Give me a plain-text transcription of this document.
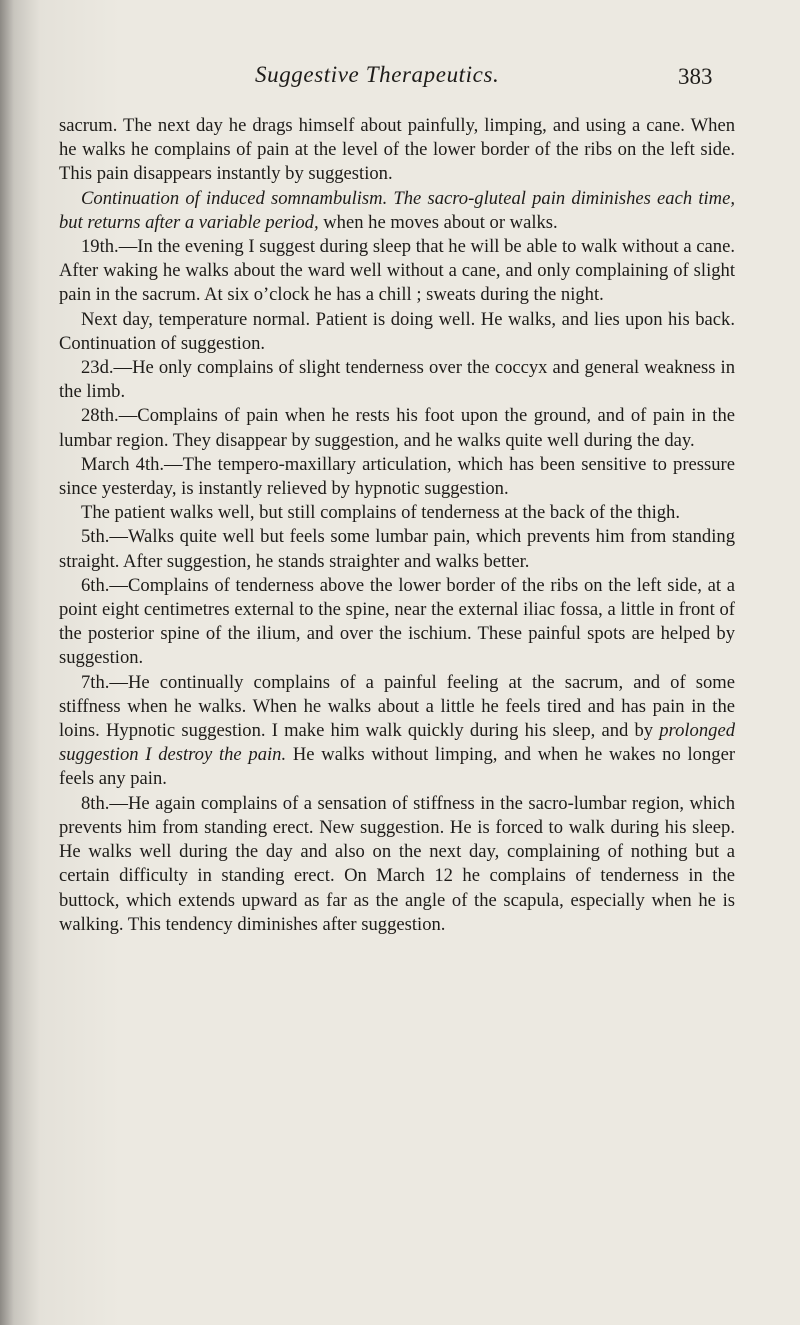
Suggestive Therapeutics.	383

sacrum. The next day he drags himself about painfully, limping, and using a cane. When he walks he complains of pain at the level of the lower border of the ribs on the left side. This pain disappears instantly by suggestion.

Continuation of induced somnambulism. The sacro-gluteal pain diminishes each time, but returns after a variable period, when he moves about or walks.

19th.—In the evening I suggest during sleep that he will be able to walk without a cane. After waking he walks about the ward well without a cane, and only complaining of slight pain in the sacrum. At six o’clock he has a chill ; sweats during the night.

Next day, temperature normal. Patient is doing well. He walks, and lies upon his back. Continuation of suggestion.

23d.—He only complains of slight tenderness over the coccyx and general weakness in the limb.

28th.—Complains of pain when he rests his foot upon the ground, and of pain in the lumbar region. They disappear by suggestion, and he walks quite well during the day.

March 4th.—The tempero-maxillary articulation, which has been sensitive to pressure since yesterday, is instantly relieved by hypnotic suggestion.

The patient walks well, but still complains of tenderness at the back of the thigh.

5th.—Walks quite well but feels some lumbar pain, which prevents him from standing straight. After suggestion, he stands straighter and walks better.

6th.—Complains of tenderness above the lower border of the ribs on the left side, at a point eight centimetres external to the spine, near the external iliac fossa, a little in front of the posterior spine of the ilium, and over the ischium. These painful spots are helped by suggestion.

7th.—He continually complains of a painful feeling at the sacrum, and of some stiffness when he walks. When he walks about a little he feels tired and has pain in the loins. Hypnotic suggestion. I make him walk quickly during his sleep, and by prolonged suggestion I destroy the pain. He walks without limping, and when he wakes no longer feels any pain.

8th.—He again complains of a sensation of stiffness in the sacro-lumbar region, which prevents him from standing erect. New suggestion. He is forced to walk during his sleep. He walks well during the day and also on the next day, complaining of nothing but a certain difficulty in standing erect. On March 12 he complains of tenderness in the buttock, which extends upward as far as the angle of the scapula, especially when he is walking. This tendency diminishes after suggestion.
